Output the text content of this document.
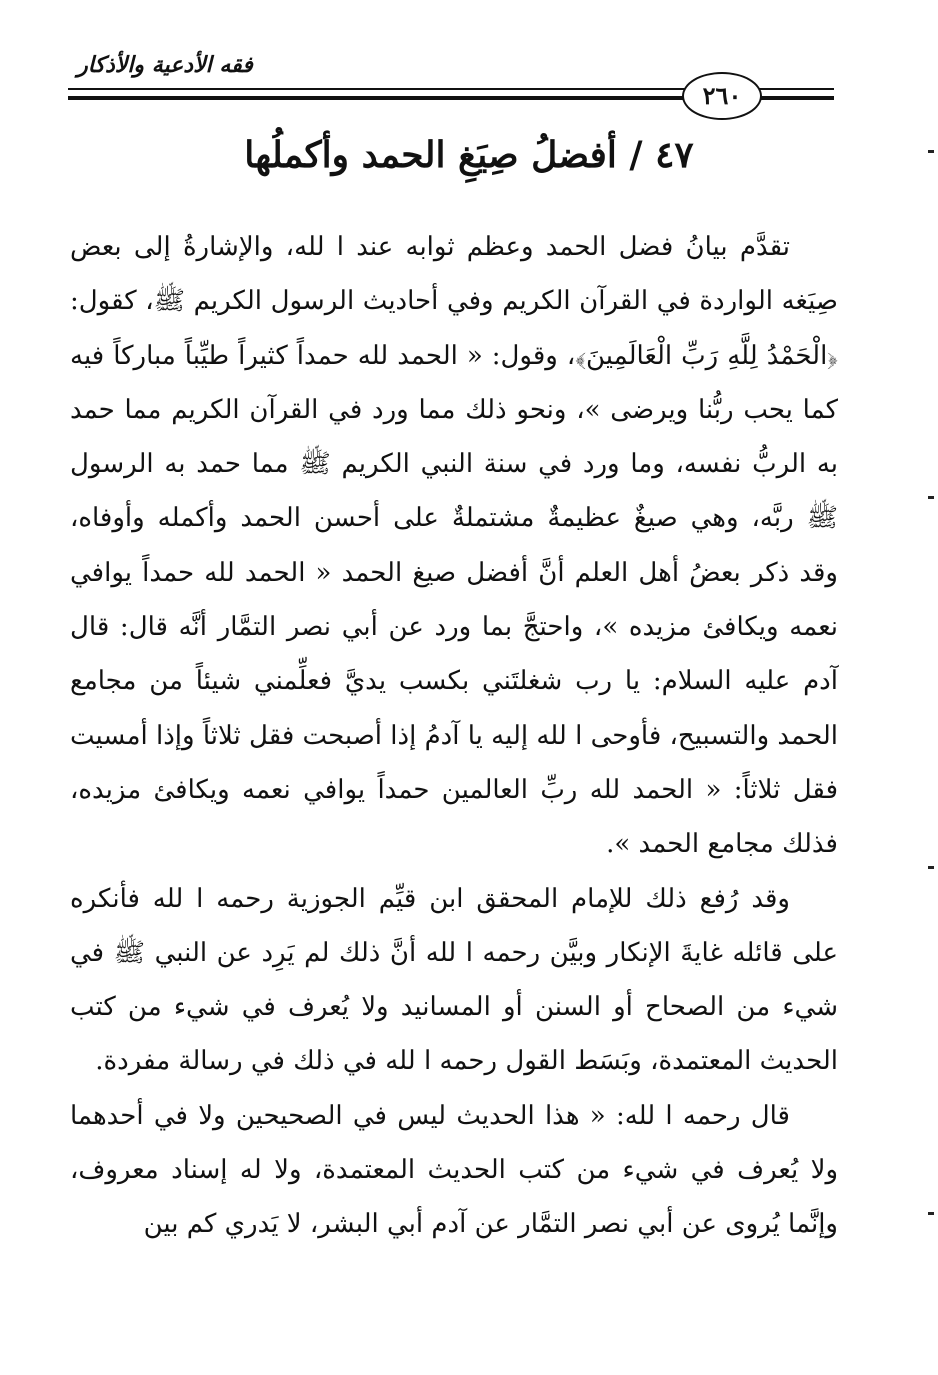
فقه الأدعية والأذكار
٢٦٠
٤٧ / أفضلُ صِيَغِ الحمد وأكملُها

تقدَّم بيانُ فضل الحمد وعظم ثوابه عند ا لله، والإشارةُ إلى بعض صِيَغه الواردة في القرآن الكريم وفي أحاديث الرسول الكريم ﷺ، كقول: ﴿الْحَمْدُ لِلَّهِ رَبِّ الْعَالَمِينَ﴾، وقول: « الحمد لله حمداً كثيراً طيِّباً مباركاً فيه كما يحب ربُّنا ويرضى »، ونحو ذلك مما ورد في القرآن الكريم مما حمد به الربُّ نفسه، وما ورد في سنة النبي الكريم ﷺ مما حمد به الرسول ﷺ ربَّه، وهي صيغٌ عظيمةٌ مشتملةٌ على أحسن الحمد وأكمله وأوفاه، وقد ذكر بعضُ أهل العلم أنَّ أفضل صيغ الحمد « الحمد لله حمداً يوافي نعمه ويكافئ مزيده »، واحتجَّ بما ورد عن أبي نصر التمَّار أنَّه قال: قال آدم عليه السلام: يا رب شغلتَني بكسب يديَّ فعلِّمني شيئاً من مجامع الحمد والتسبيح، فأوحى ا لله إليه يا آدمُ إذا أصبحت فقل ثلاثاً وإذا أمسيت فقل ثلاثاً: « الحمد لله ربِّ العالمين حمداً يوافي نعمه ويكافئ مزيده، فذلك مجامع الحمد ».

وقد رُفع ذلك للإمام المحقق ابن قيِّم الجوزية رحمه ا لله فأنكره على قائله غايةَ الإنكار وبيَّن رحمه ا لله أنَّ ذلك لم يَرِد عن النبي ﷺ في شيء من الصحاح أو السنن أو المسانيد ولا يُعرف في شيء من كتب الحديث المعتمدة، وبَسَط القول رحمه ا لله في ذلك في رسالة مفردة.

قال رحمه ا لله: « هذا الحديث ليس في الصحيحين ولا في أحدهما ولا يُعرف في شيء من كتب الحديث المعتمدة، ولا له إسناد معروف، وإنَّما يُروى عن أبي نصر التمَّار عن آدم أبي البشر، لا يَدري كم بين
